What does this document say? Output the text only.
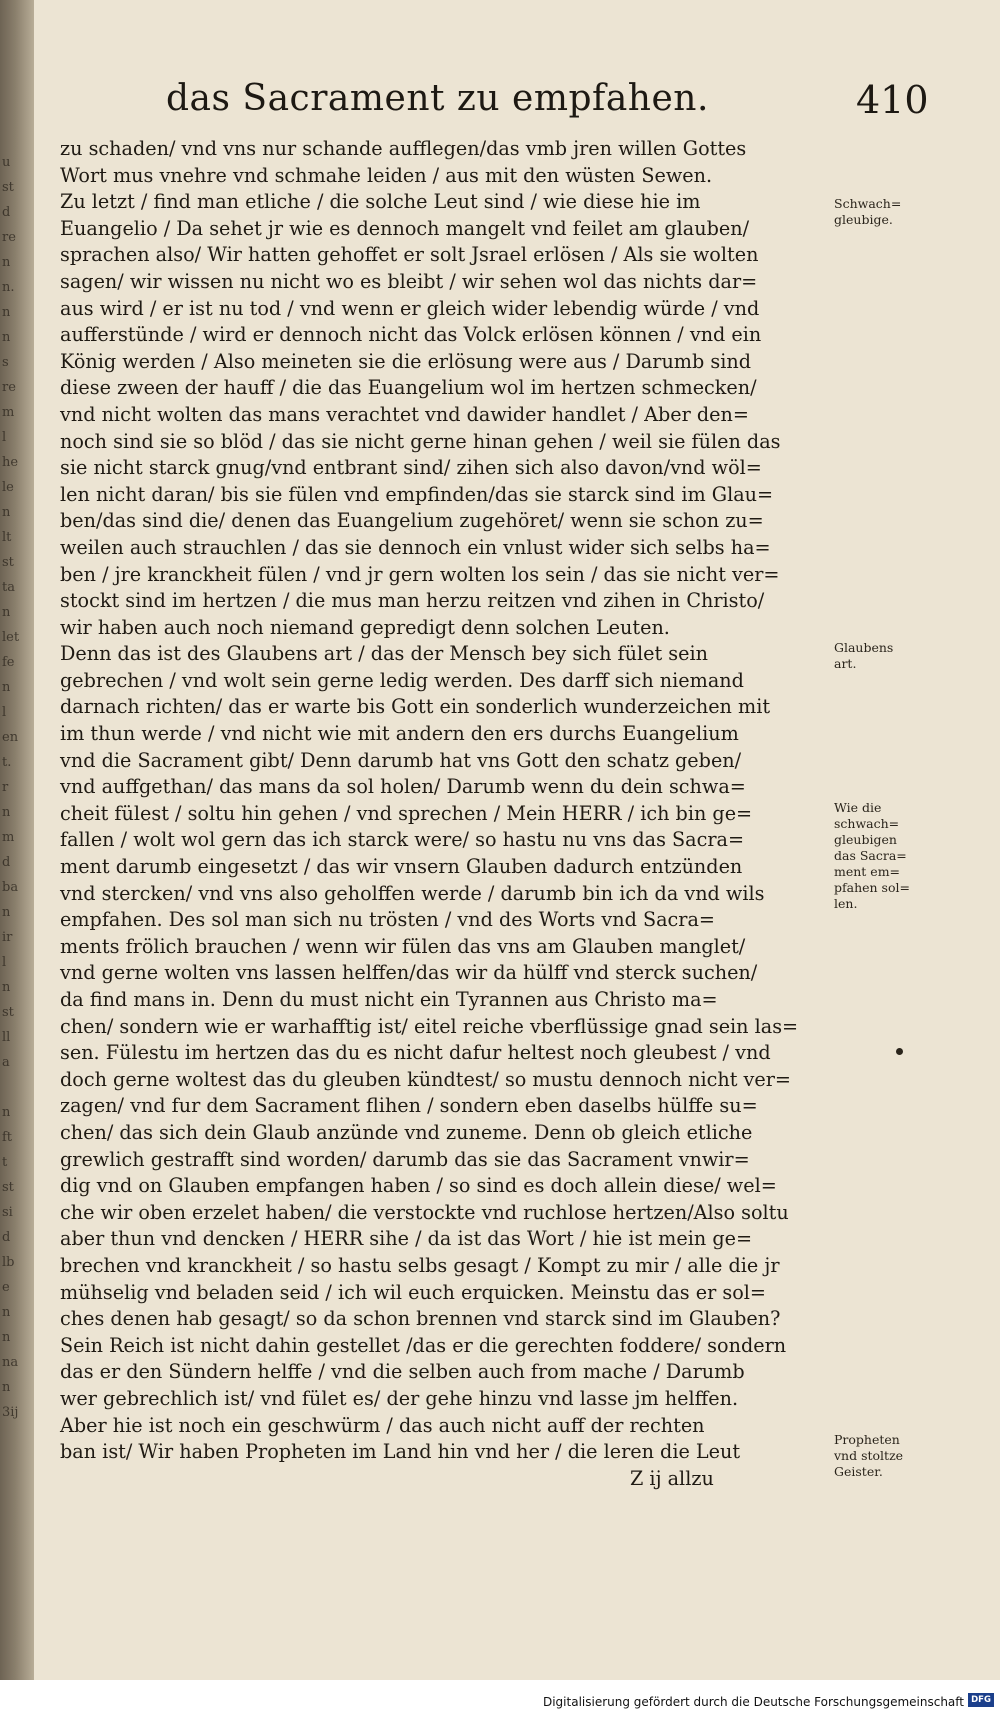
u
st
d
re
n
n.
n
n
s
re
m
l
he
le
n
lt
st
ta
n
let
fe
n
l
en
t.
r
n
m
d
ba
n
ir
l
n
st
ll
a

n
ft
t
st
si
d
lb
e
n
n
na
n
3ij
das Sacrament zu empfahen.	410
zu schaden/ vnd vns nur schande aufflegen/das vmb jren willen Gottes
Wort mus vnehre vnd schmahe leiden / aus mit den wüsten Sewen.
Zu letzt / find man etliche / die solche Leut sind / wie diese hie im
Euangelio / Da sehet jr wie es dennoch mangelt vnd feilet am glauben/
sprachen also/ Wir hatten gehoffet er solt Jsrael erlösen / Als sie wolten
sagen/ wir wissen nu nicht wo es bleibt / wir sehen wol das nichts dar=
aus wird / er ist nu tod / vnd wenn er gleich wider lebendig würde / vnd
aufferstünde / wird er dennoch nicht das Volck erlösen können / vnd ein
König werden / Also meineten sie die erlösung were aus / Darumb sind
diese zween der hauff / die das Euangelium wol im hertzen schmecken/
vnd nicht wolten das mans verachtet vnd dawider handlet / Aber den=
noch sind sie so blöd / das sie nicht gerne hinan gehen / weil sie fülen das
sie nicht starck gnug/vnd entbrant sind/ zihen sich also davon/vnd wöl=
len nicht daran/ bis sie fülen vnd empfinden/das sie starck sind im Glau=
ben/das sind die/ denen das Euangelium zugehöret/ wenn sie schon zu=
weilen auch strauchlen / das sie dennoch ein vnlust wider sich selbs ha=
ben / jre kranckheit fülen / vnd jr gern wolten los sein / das sie nicht ver=
stockt sind im hertzen / die mus man herzu reitzen vnd zihen in Christo/
wir haben auch noch niemand gepredigt denn solchen Leuten.
Denn das ist des Glaubens art / das der Mensch bey sich fület sein
gebrechen / vnd wolt sein gerne ledig werden. Des darff sich niemand
darnach richten/ das er warte bis Gott ein sonderlich wunderzeichen mit
im thun werde / vnd nicht wie mit andern den ers durchs Euangelium
vnd die Sacrament gibt/ Denn darumb hat vns Gott den schatz geben/
vnd auffgethan/ das mans da sol holen/ Darumb wenn du dein schwa=
cheit fülest / soltu hin gehen / vnd sprechen / Mein HERR / ich bin ge=
fallen / wolt wol gern das ich starck were/ so hastu nu vns das Sacra=
ment darumb eingesetzt / das wir vnsern Glauben dadurch entzünden
vnd stercken/ vnd vns also geholffen werde / darumb bin ich da vnd wils
empfahen. Des sol man sich nu trösten / vnd des Worts vnd Sacra=
ments frölich brauchen / wenn wir fülen das vns am Glauben manglet/
vnd gerne wolten vns lassen helffen/das wir da hülff vnd sterck suchen/
da find mans in. Denn du must nicht ein Tyrannen aus Christo ma=
chen/ sondern wie er warhafftig ist/ eitel reiche vberflüssige gnad sein las=
sen. Fülestu im hertzen das du es nicht dafur heltest noch gleubest / vnd
doch gerne woltest das du gleuben kündtest/ so mustu dennoch nicht ver=
zagen/ vnd fur dem Sacrament flihen / sondern eben daselbs hülffe su=
chen/ das sich dein Glaub anzünde vnd zuneme. Denn ob gleich etliche
grewlich gestrafft sind worden/ darumb das sie das Sacrament vnwir=
dig vnd on Glauben empfangen haben / so sind es doch allein diese/ wel=
che wir oben erzelet haben/ die verstockte vnd ruchlose hertzen/Also soltu
aber thun vnd dencken / HERR sihe / da ist das Wort / hie ist mein ge=
brechen vnd kranckheit / so hastu selbs gesagt / Kompt zu mir / alle die jr
mühselig vnd beladen seid / ich wil euch erquicken. Meinstu das er sol=
ches denen hab gesagt/ so da schon brennen vnd starck sind im Glauben?
Sein Reich ist nicht dahin gestellet /das er die gerechten foddere/ sondern
das er den Sündern helffe / vnd die selben auch from mache / Darumb
wer gebrechlich ist/ vnd fület es/ der gehe hinzu vnd lasse jm helffen.
Aber hie ist noch ein geschwürm / das auch nicht auff der rechten
ban ist/ Wir haben Propheten im Land hin vnd her / die leren die Leut
Z ij allzu
Schwach=
gleubige.
Glaubens
art.
Wie die
schwach=
gleubigen
das Sacra=
ment em=
pfahen sol=
len.
Propheten
vnd stoltze
Geister.
Digitalisierung gefördert durch die Deutsche Forschungsgemeinschaft DFG
